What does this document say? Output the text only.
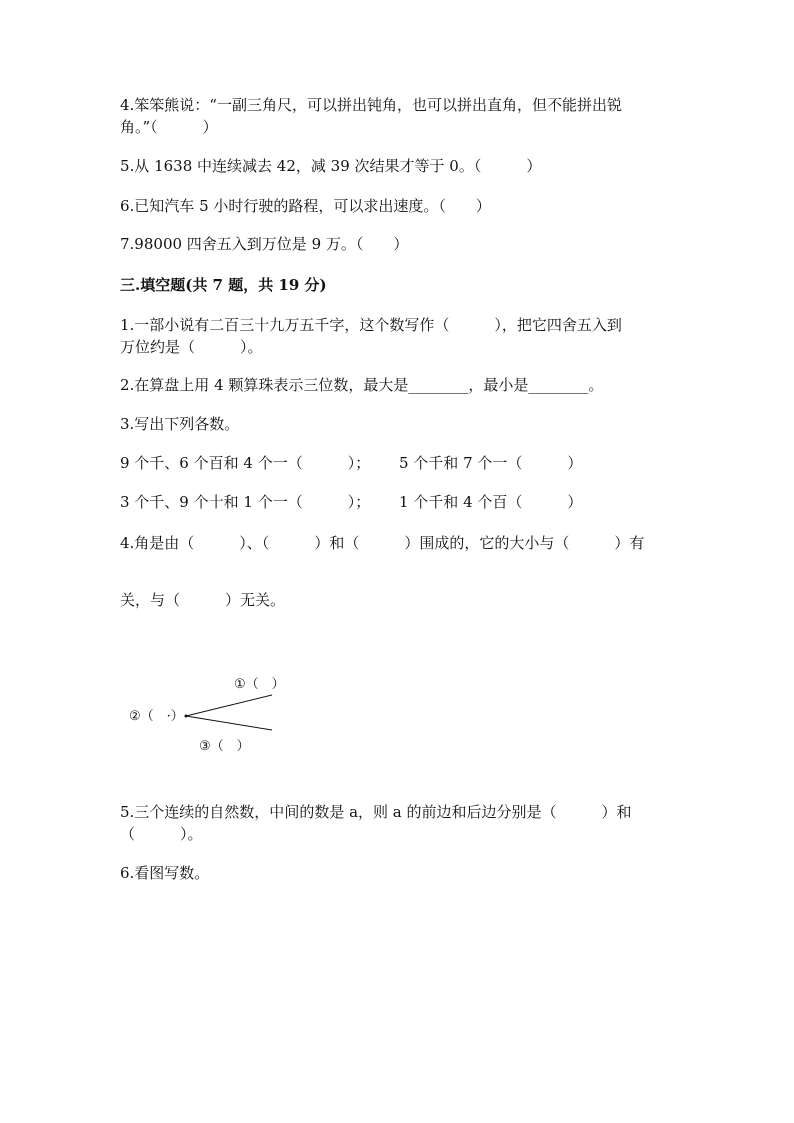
4.笨笨熊说：“一副三角尺，可以拼出钝角，也可以拼出直角，但不能拼出锐
角。”（　　　）
5.从 1638 中连续减去 42，减 39 次结果才等于 0。（　　　）
6.已知汽车 5 小时行驶的路程，可以求出速度。（　　）
7.98000 四舍五入到万位是 9 万。（　　）
三.填空题(共 7 题，共 19 分)
1.一部小说有二百三十九万五千字，这个数写作（　　　），把它四舍五入到
万位约是（　　　）。
2.在算盘上用 4 颗算珠表示三位数，最大是________，最小是________。
3.写出下列各数。
9 个千、6 个百和 4 个一（　　　）； 5 个千和 7 个一（　　　）
3 个千、9 个十和 1 个一（　　　）； 1 个千和 4 个百（　　　）
4.角是由（　　　）、（　　　）和（　　　）围成的，它的大小与（　　　）有
关，与（　　　）无关。
①（　）
②（　·）
③（　）
5.三个连续的自然数，中间的数是 a，则 a 的前边和后边分别是（　　　）和
（　　　）。
6.看图写数。
